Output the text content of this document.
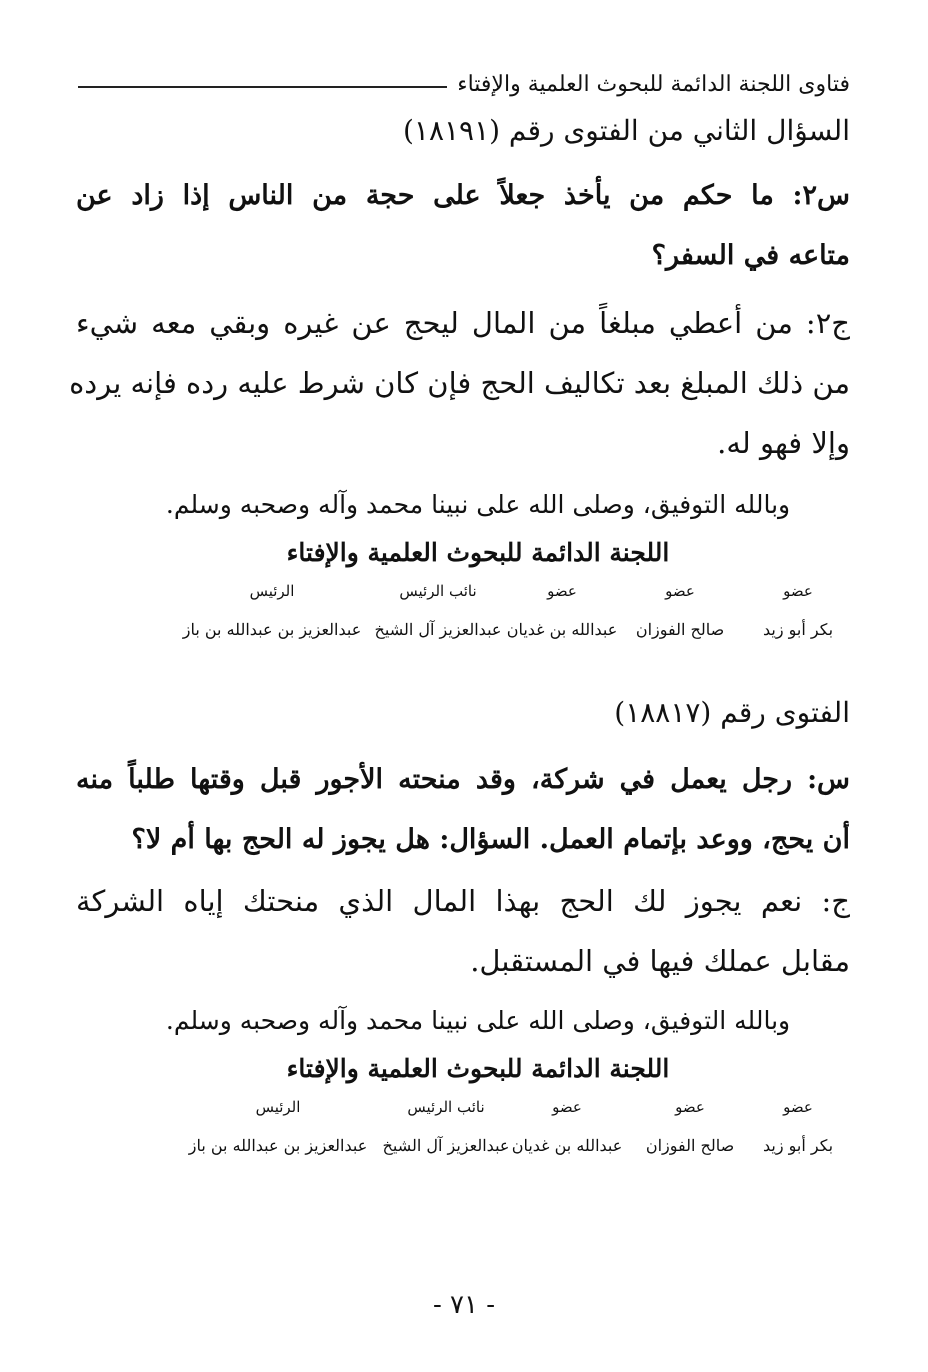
فتاوى اللجنة الدائمة للبحوث العلمية والإفتاء
السؤال الثاني من الفتوى رقم (١٨١٩١)
س٢: ما حكم من يأخذ جعلاً على حجة من الناس إذا زاد عن
متاعه في السفر؟
ج٢: من أعطي مبلغاً من المال ليحج عن غيره وبقي معه شيء
من ذلك المبلغ بعد تكاليف الحج فإن كان شرط عليه رده فإنه يرده
وإلا فهو له.
وبالله التوفيق، وصلى الله على نبينا محمد وآله وصحبه وسلم.
اللجنة الدائمة للبحوث العلمية والإفتاء
عضو
عضو
عضو
نائب الرئيس
الرئيس
بكر أبو زيد
صالح الفوزان
عبدالله بن غديان
عبدالعزيز آل الشيخ
عبدالعزيز بن عبدالله بن باز
الفتوى رقم (١٨٨١٧)
س: رجل يعمل في شركة، وقد منحته الأجور قبل وقتها طلباً منه
أن يحج، ووعد بإتمام العمل. السؤال: هل يجوز له الحج بها أم لا؟
ج: نعم يجوز لك الحج بهذا المال الذي منحتك إياه الشركة
مقابل عملك فيها في المستقبل.
وبالله التوفيق، وصلى الله على نبينا محمد وآله وصحبه وسلم.
اللجنة الدائمة للبحوث العلمية والإفتاء
عضو
عضو
عضو
نائب الرئيس
الرئيس
بكر أبو زيد
صالح الفوزان
عبدالله بن غديان
عبدالعزيز آل الشيخ
عبدالعزيز بن عبدالله بن باز
- ٧١ -
